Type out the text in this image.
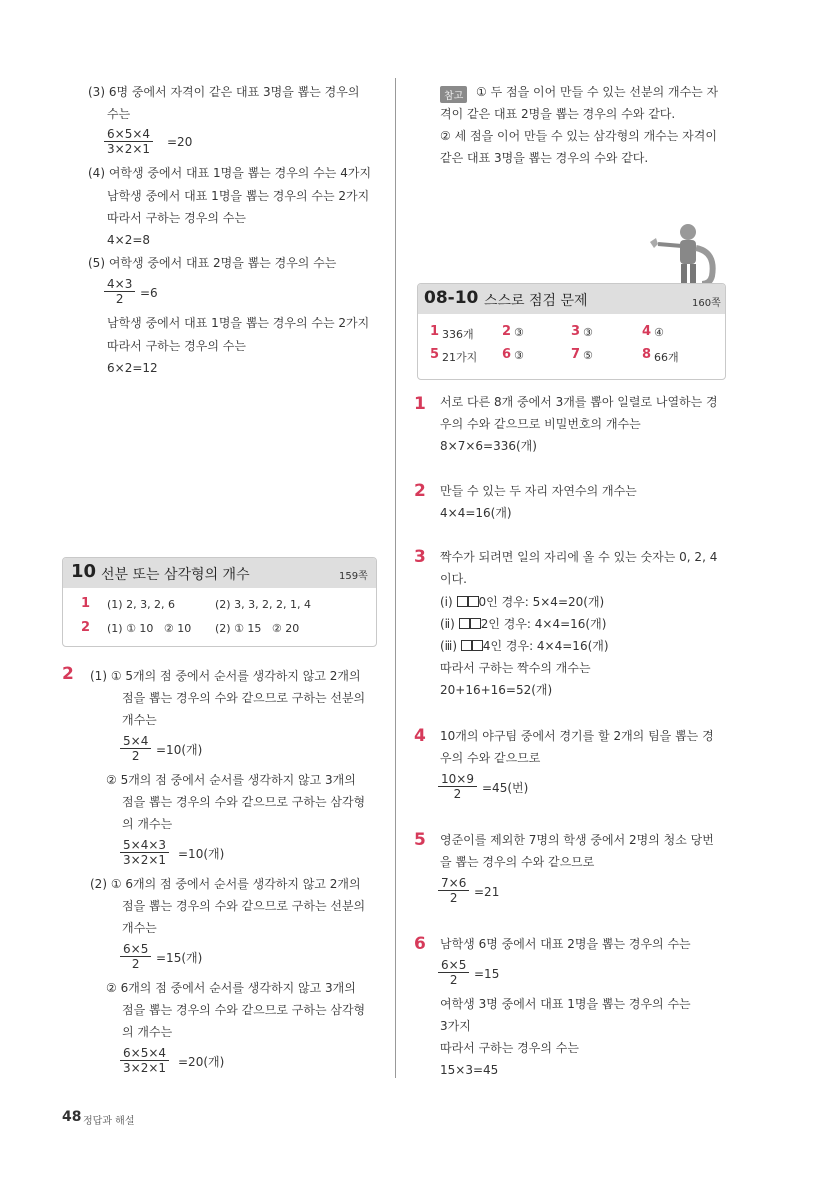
(3) 6명 중에서 자격이 같은 대표 3명을 뽑는 경우의
수는
$\frac{6\times 5\times 4}{3\times 2\times 1} =20$
(4) 여학생 중에서 대표 1명을 뽑는 경우의 수는 4가지
남학생 중에서 대표 1명을 뽑는 경우의 수는 2가지
따라서 구하는 경우의 수는
4×2=8
(5) 여학생 중에서 대표 2명을 뽑는 경우의 수는
$\frac{4\times 3}{2} =6$
남학생 중에서 대표 1명을 뽑는 경우의 수는 2가지
따라서 구하는 경우의 수는
6×2=12
10 선분 또는 삼각형의 개수	159쪽
1 (1) 2, 3, 2, 6	(2) 3, 3, 2, 2, 1, 4
2 (1) ① 10   ② 10 (2) ① 15   ② 20
2 (1) ① 5개의 점 중에서 순서를 생각하지 않고 2개의
점을 뽑는 경우의 수와 같으므로 구하는 선분의
개수는
$\frac{5\times 4}{2} =10$(개)
② 5개의 점 중에서 순서를 생각하지 않고 3개의
점을 뽑는 경우의 수와 같으므로 구하는 삼각형
의 개수는
$\frac{5\times 4\times 3}{3\times 2\times 1} =10$(개)
(2) ① 6개의 점 중에서 순서를 생각하지 않고 2개의
점을 뽑는 경우의 수와 같으므로 구하는 선분의
개수는
$\frac{6\times 5}{2} =15$(개)
② 6개의 점 중에서 순서를 생각하지 않고 3개의
점을 뽑는 경우의 수와 같으므로 구하는 삼각형
의 개수는
$\frac{6\times 5\times 4}{3\times 2\times 1} =20$(개)
참고	① 두 점을 이어 만들 수 있는 선분의 개수는 자
격이 같은 대표 2명을 뽑는 경우의 수와 같다.
② 세 점을 이어 만들 수 있는 삼각형의 개수는 자격이
같은 대표 3명을 뽑는 경우의 수와 같다.
08-10 스스로 점검 문제	160쪽
1 336개 2 ③	3 ③	4 ④
5 21가지 6 ③	7 ⑤	8 66개
1 서로 다른 8개 중에서 3개를 뽑아 일렬로 나열하는 경
우의 수와 같으므로 비밀번호의 개수는
8×7×6=336(개)
2 만들 수 있는 두 자리 자연수의 개수는
4×4=16(개)
3 짝수가 되려면 일의 자리에 올 수 있는 숫자는 0, 2, 4
이다.
(ⅰ) 0인 경우: 5×4=20(개)
(ⅱ) 2인 경우: 4×4=16(개)
(ⅲ) 4인 경우: 4×4=16(개)
따라서 구하는 짝수의 개수는
20+16+16=52(개)
4 10개의 야구팀 중에서 경기를 할 2개의 팀을 뽑는 경
우의 수와 같으므로
$\frac{10\times 9}{2} =45$(번)
5 영준이를 제외한 7명의 학생 중에서 2명의 청소 당번
을 뽑는 경우의 수와 같으므로
$\frac{7\times 6}{2} =21$
6 남학생 6명 중에서 대표 2명을 뽑는 경우의 수는
$\frac{6\times 5}{2} =15$
여학생 3명 중에서 대표 1명을 뽑는 경우의 수는
3가지
따라서 구하는 경우의 수는
15×3=45
48 정답과 해설
